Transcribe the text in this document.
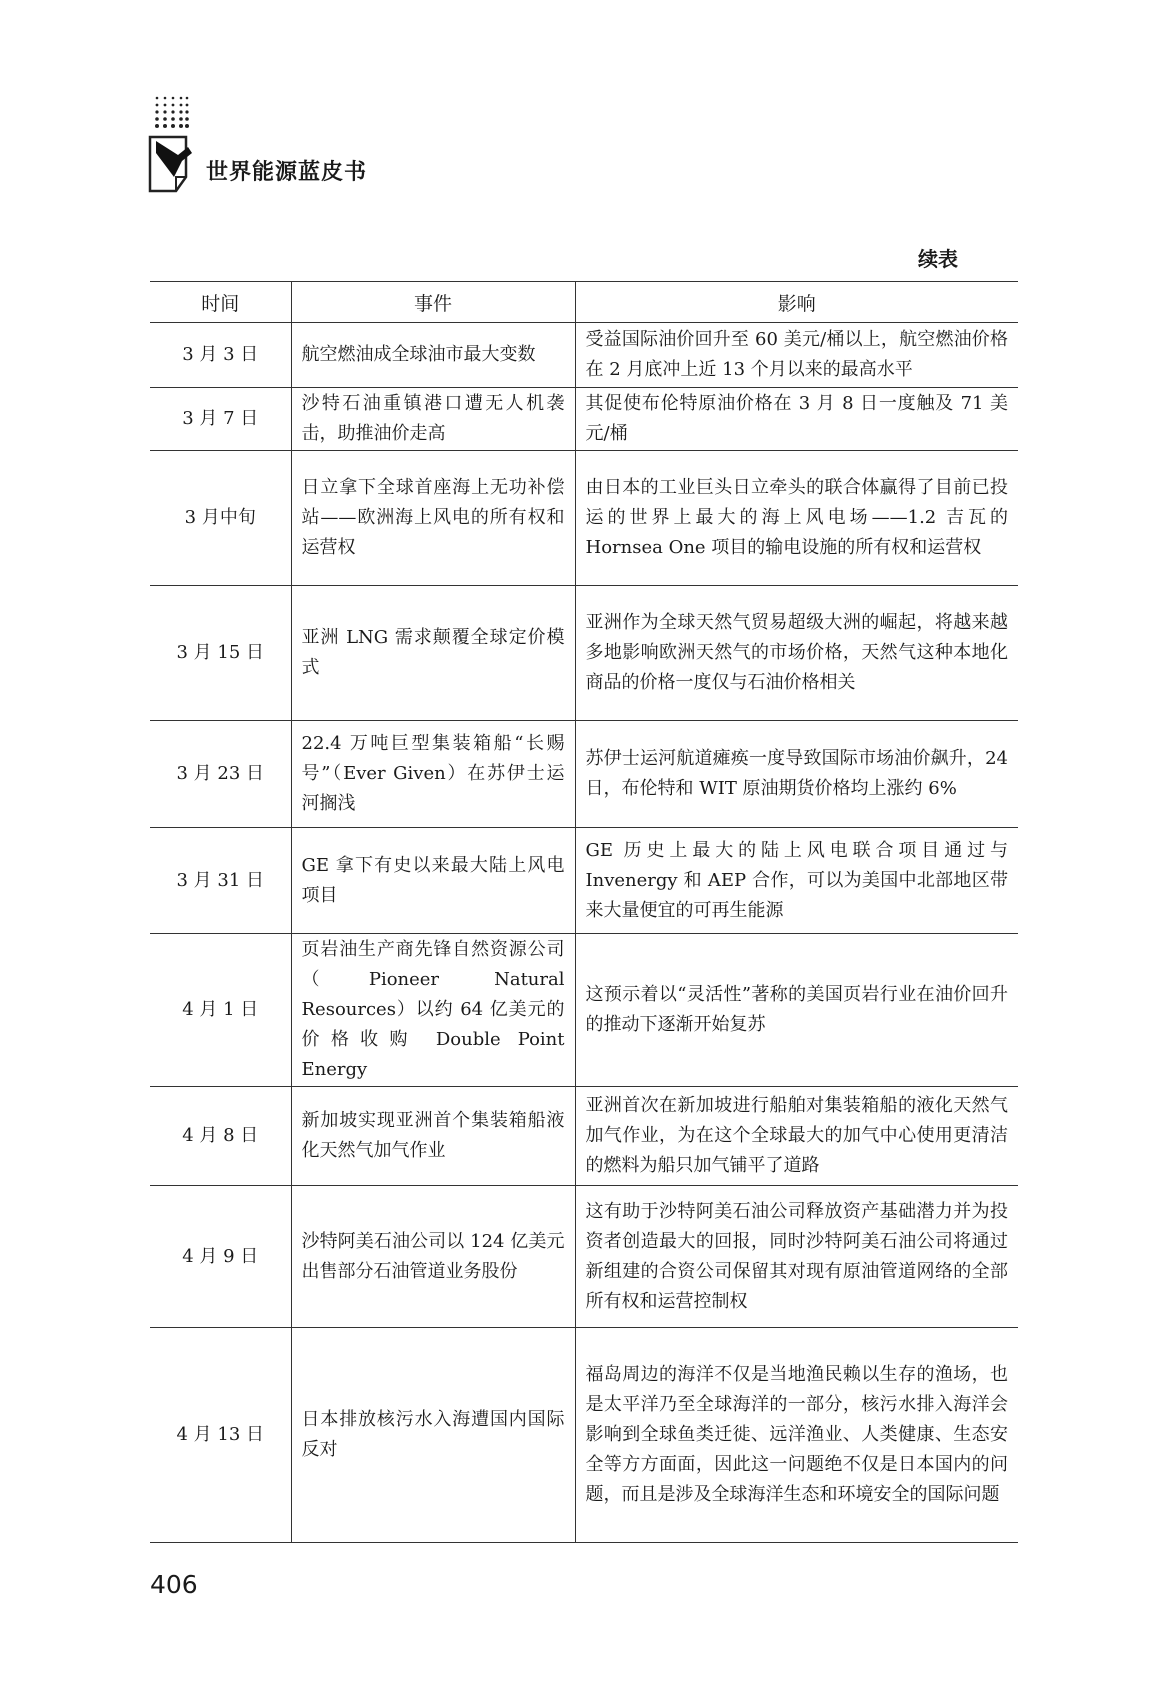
世界能源蓝皮书
续表
时间	事件	影响
3 月 3 日	航空燃油成全球油市最大变数	受益国际油价回升至 60 美元/桶以上，航空燃油价格在 2 月底冲上近 13 个月以来的最高水平
3 月 7 日	沙特石油重镇港口遭无人机袭击，助推油价走高	其促使布伦特原油价格在 3 月 8 日一度触及 71 美元/桶
3 月中旬	日立拿下全球首座海上无功补偿站——欧洲海上风电的所有权和运营权	由日本的工业巨头日立牵头的联合体赢得了目前已投运的世界上最大的海上风电场——1.2 吉瓦的 Hornsea One 项目的输电设施的所有权和运营权
3 月 15 日	亚洲 LNG 需求颠覆全球定价模式	亚洲作为全球天然气贸易超级大洲的崛起，将越来越多地影响欧洲天然气的市场价格，天然气这种本地化商品的价格一度仅与石油价格相关
3 月 23 日	22.4 万吨巨型集装箱船“长赐号”（Ever Given）在苏伊士运河搁浅	苏伊士运河航道瘫痪一度导致国际市场油价飙升，24 日，布伦特和 WIT 原油期货价格均上涨约 6%
3 月 31 日	GE 拿下有史以来最大陆上风电项目	GE 历史上最大的陆上风电联合项目通过与 Invenergy 和 AEP 合作，可以为美国中北部地区带来大量便宜的可再生能源
4 月 1 日	页岩油生产商先锋自然资源公司（Pioneer Natural Resources）以约 64 亿美元的价格收购 Double Point Energy	这预示着以“灵活性”著称的美国页岩行业在油价回升的推动下逐渐开始复苏
4 月 8 日	新加坡实现亚洲首个集装箱船液化天然气加气作业	亚洲首次在新加坡进行船舶对集装箱船的液化天然气加气作业，为在这个全球最大的加气中心使用更清洁的燃料为船只加气铺平了道路
4 月 9 日	沙特阿美石油公司以 124 亿美元出售部分石油管道业务股份	这有助于沙特阿美石油公司释放资产基础潜力并为投资者创造最大的回报，同时沙特阿美石油公司将通过新组建的合资公司保留其对现有原油管道网络的全部所有权和运营控制权
4 月 13 日	日本排放核污水入海遭国内国际反对	福岛周边的海洋不仅是当地渔民赖以生存的渔场，也是太平洋乃至全球海洋的一部分，核污水排入海洋会影响到全球鱼类迁徙、远洋渔业、人类健康、生态安全等方方面面，因此这一问题绝不仅是日本国内的问题，而且是涉及全球海洋生态和环境安全的国际问题
406
